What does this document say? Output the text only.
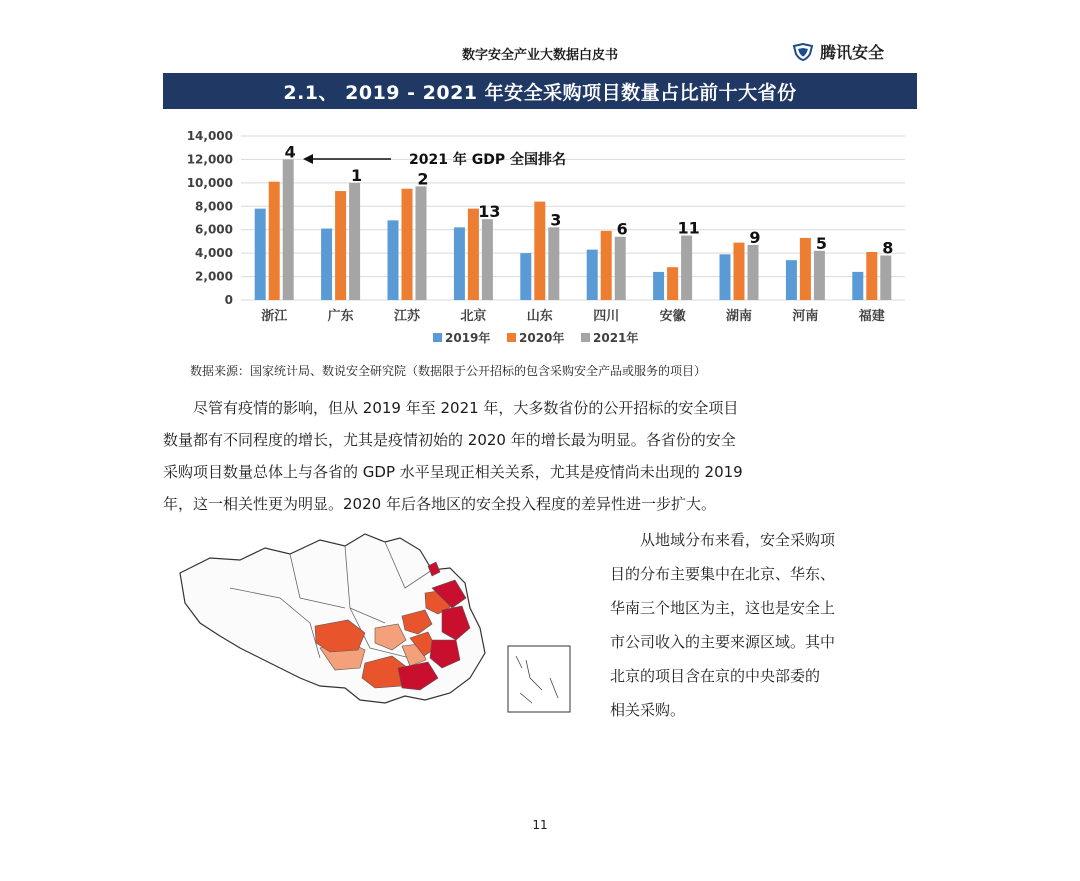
数字安全产业大数据白皮书	腾讯安全
2.1、 2019 - 2021 年安全采购项目数量占比前十大省份
0
2,000
4,000
6,000
8,000
10,000
12,000
14,000
浙江
4
广东
1
江苏
2
北京
13
山东
3
四川
6
安徽
11
湖南
9
河南
5
福建
8
2021 年 GDP 全国排名
2019年 2020年 2021年
数据来源：国家统计局、数说安全研究院（数据限于公开招标的包含采购安全产品或服务的项目）
尽管有疫情的影响，但从 2019 年至 2021 年，大多数省份的公开招标的安全项目
数量都有不同程度的增长，尤其是疫情初始的 2020 年的增长最为明显。各省份的安全
采购项目数量总体上与各省的 GDP 水平呈现正相关关系，尤其是疫情尚未出现的 2019
年，这一相关性更为明显。2020 年后各地区的安全投入程度的差异性进一步扩大。
从地域分布来看，安全采购项
目的分布主要集中在北京、华东、
华南三个地区为主，这也是安全上
市公司收入的主要来源区域。其中
北京的项目含在京的中央部委的
相关采购。
11
